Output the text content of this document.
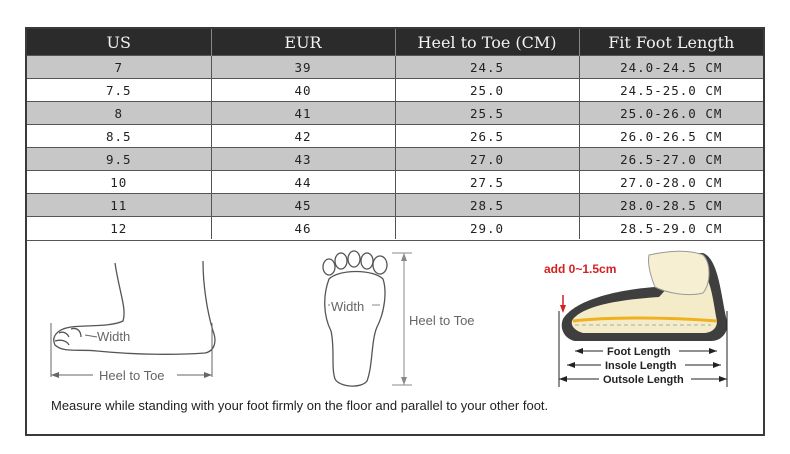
US	EUR	Heel to Toe (CM)	Fit Foot Length
7	39	24.5	24.0-24.5 CM
7.5	40	25.0	24.5-25.0 CM
8	41	25.5	25.0-26.0 CM
8.5	42	26.5	26.0-26.5 CM
9.5	43	27.0	26.5-27.0 CM
10	44	27.5	27.0-28.0 CM
11	45	28.5	28.0-28.5 CM
12	46	29.0	28.5-29.0 CM
Width
Heel to Toe
Width
Heel to Toe
add 0~1.5cm
Foot Length
Insole Length
Outsole Length
Measure while standing with your foot firmly on the floor and parallel to your other foot.
